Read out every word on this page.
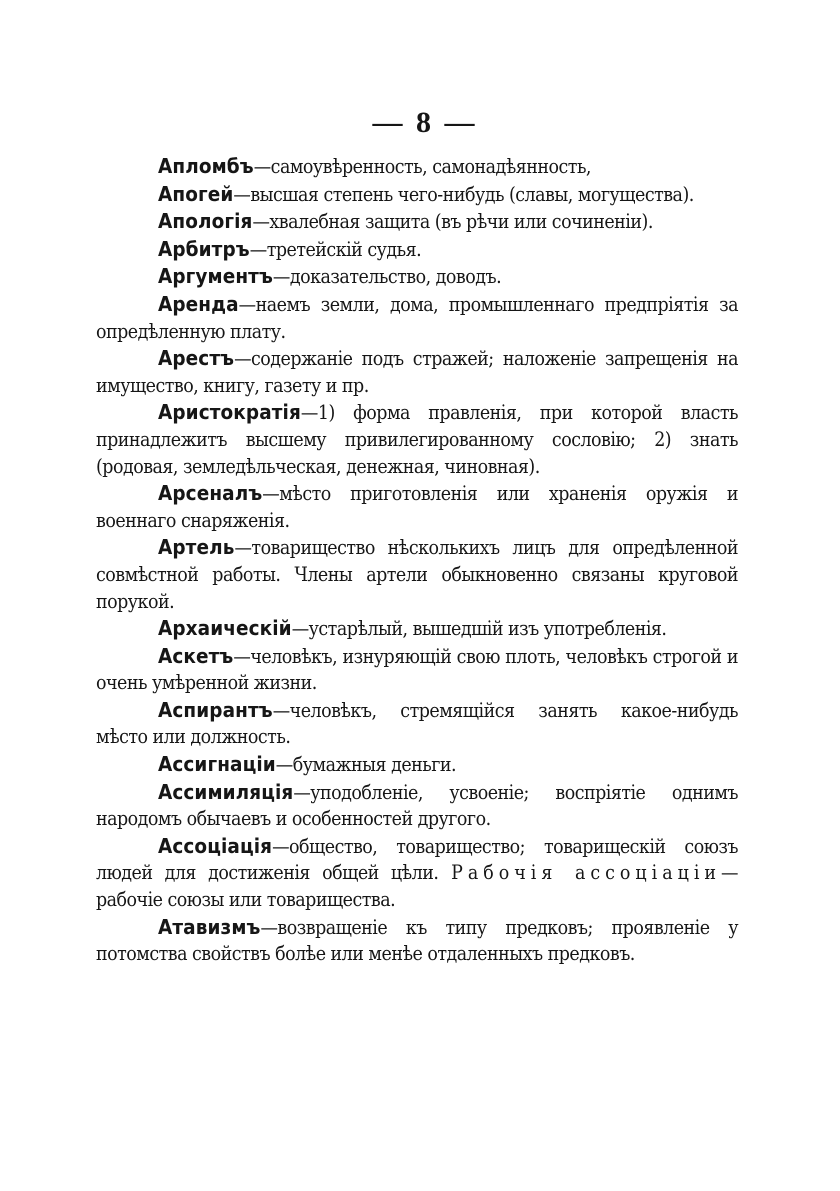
— 8 —

Апломбъ—самоувѣренность, самонадѣянность,

Апогей—высшая степень чего-нибудь (славы, могущества).

Апологія—хвалебная защита (въ рѣчи или сочиненіи).

Арбитръ—третейскій судья.

Аргументъ—доказательство, доводъ.

Аренда—наемъ земли, дома, промышленнаго предпріятія за опредѣленную плату.

Арестъ—содержаніе подъ стражей; наложеніе запрещенія на имущество, книгу, газету и пр.

Аристократія—1) форма правленія, при которой власть принадлежитъ высшему привилегированному сословію; 2) знать (родовая, земледѣльческая, денежная, чиновная).

Арсеналъ—мѣсто приготовленія или храненія оружія и военнаго снаряженія.

Артель—товарищество нѣсколькихъ лицъ для опредѣленной совмѣстной работы. Члены артели обыкновенно связаны круговой порукой.

Архаическій—устарѣлый, вышедшій изъ употребленія.

Аскетъ—человѣкъ, изнуряющій свою плоть, человѣкъ строгой и очень умѣренной жизни.

Аспирантъ—человѣкъ, стремящійся занять какое-нибудь мѣсто или должность.

Ассигнаціи—бумажныя деньги.

Ассимиляція—уподобленіе, усвоеніе; воспріятіе однимъ народомъ обычаевъ и особенностей другого.

Ассоціація—общество, товарищество; товарищескій союзъ людей для достиженія общей цѣли. Рабочія ассоціаціи—рабочіе союзы или товарищества.

Атавизмъ—возвращеніе къ типу предковъ; проявленіе у потомства свойствъ болѣе или менѣе отдаленныхъ предковъ.
